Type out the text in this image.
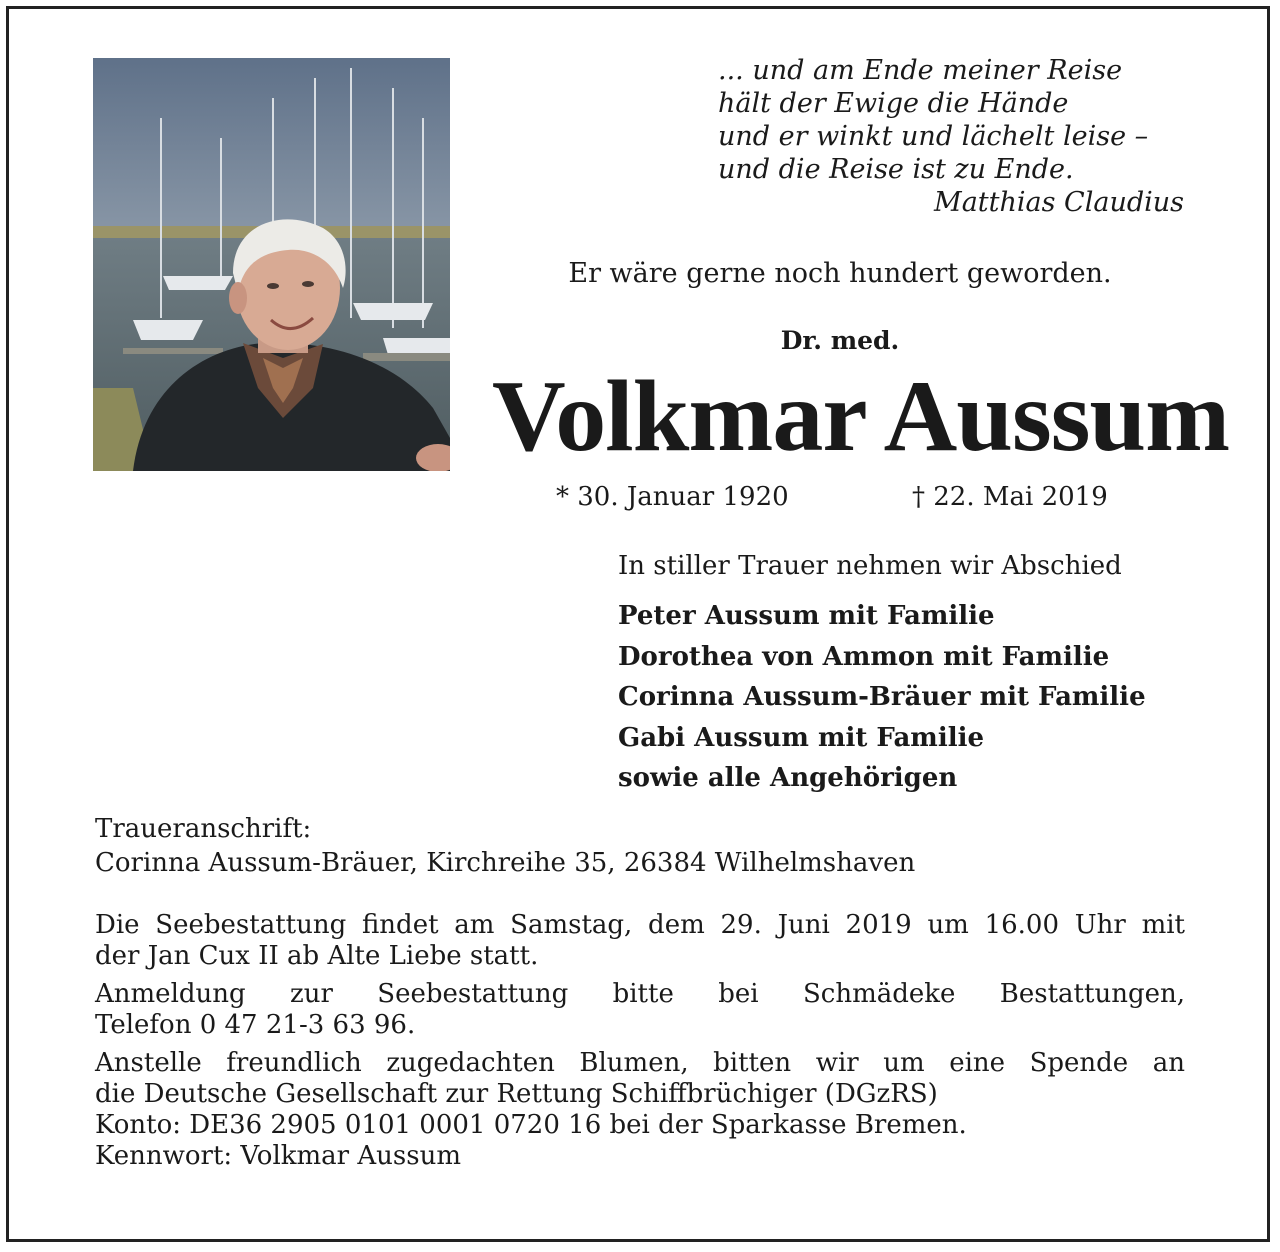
... und am Ende meiner Reise
hält der Ewige die Hände
und er winkt und lächelt leise –
und die Reise ist zu Ende.
Matthias Claudius
Er wäre gerne noch hundert geworden.
Dr. med.
Volkmar Aussum
* 30. Januar 1920	† 22. Mai 2019
In stiller Trauer nehmen wir Abschied
Peter Aussum mit Familie
Dorothea von Ammon mit Familie
Corinna Aussum-Bräuer mit Familie
Gabi Aussum mit Familie
sowie alle Angehörigen
Traueranschrift:
Corinna Aussum-Bräuer, Kirchreihe 35, 26384 Wilhelmshaven

Die Seebestattung findet am Samstag, dem 29. Juni 2019 um 16.00 Uhr mit
der Jan Cux II ab Alte Liebe statt.

Anmeldung zur Seebestattung bitte bei Schmädeke Bestattungen,
Telefon 0 47 21-3 63 96.

Anstelle freundlich zugedachten Blumen, bitten wir um eine Spende an
die Deutsche Gesellschaft zur Rettung Schiffbrüchiger (DGzRS)
Konto: DE36 2905 0101 0001 0720 16 bei der Sparkasse Bremen.
Kennwort: Volkmar Aussum
